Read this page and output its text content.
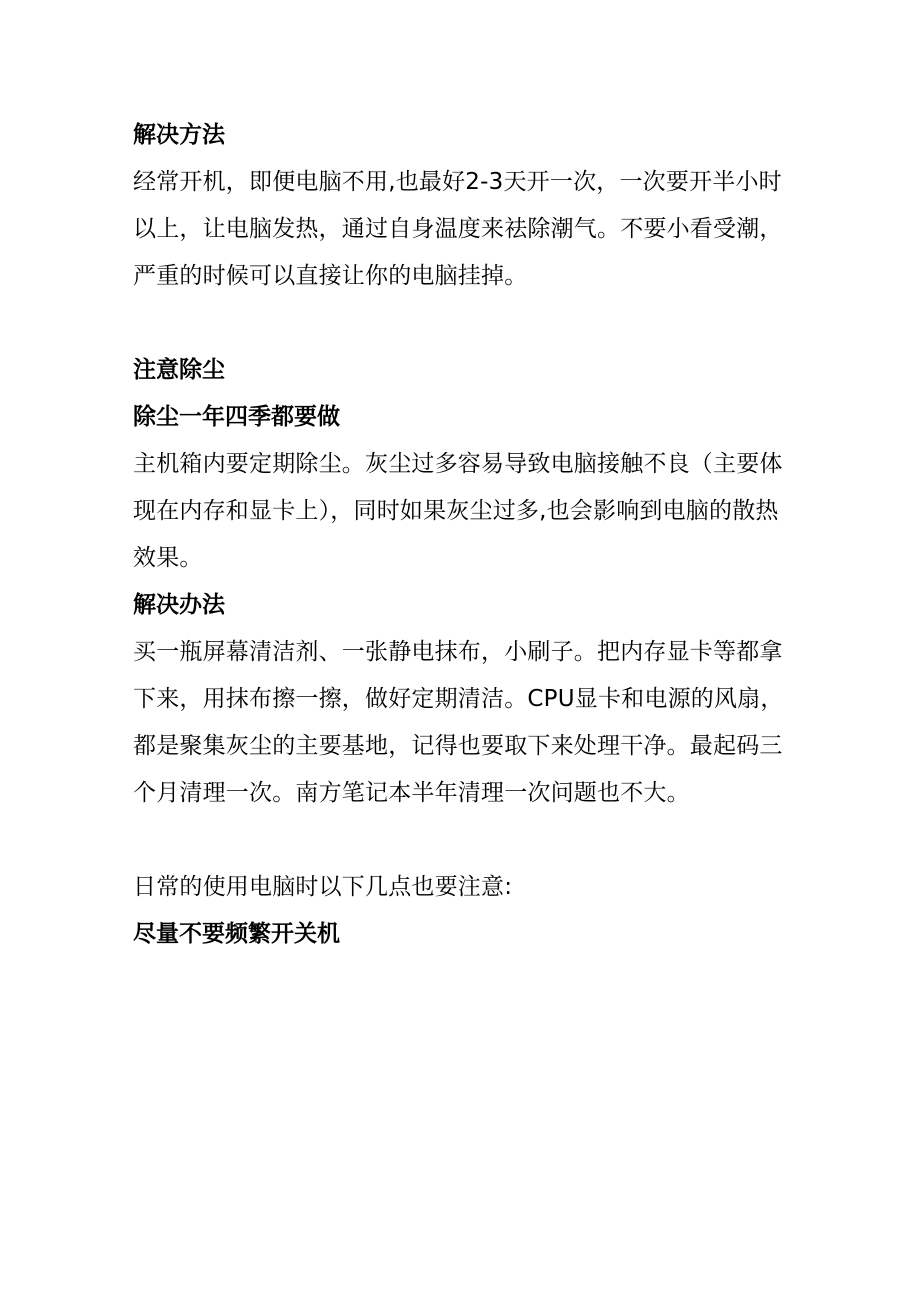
解决方法

经常开机，即便电脑不用,也最好2-3天开一次，一次要开半小时以上，让电脑发热，通过自身温度来祛除潮气。不要小看受潮，严重的时候可以直接让你的电脑挂掉。

注意除尘

除尘一年四季都要做

主机箱内要定期除尘。灰尘过多容易导致电脑接触不良（主要体现在内存和显卡上），同时如果灰尘过多,也会影响到电脑的散热效果。

解决办法

买一瓶屏幕清洁剂、一张静电抹布，小刷子。把内存显卡等都拿下来，用抹布擦一擦，做好定期清洁。CPU显卡和电源的风扇，都是聚集灰尘的主要基地，记得也要取下来处理干净。最起码三个月清理一次。南方笔记本半年清理一次问题也不大。

日常的使用电脑时以下几点也要注意:

尽量不要频繁开关机
